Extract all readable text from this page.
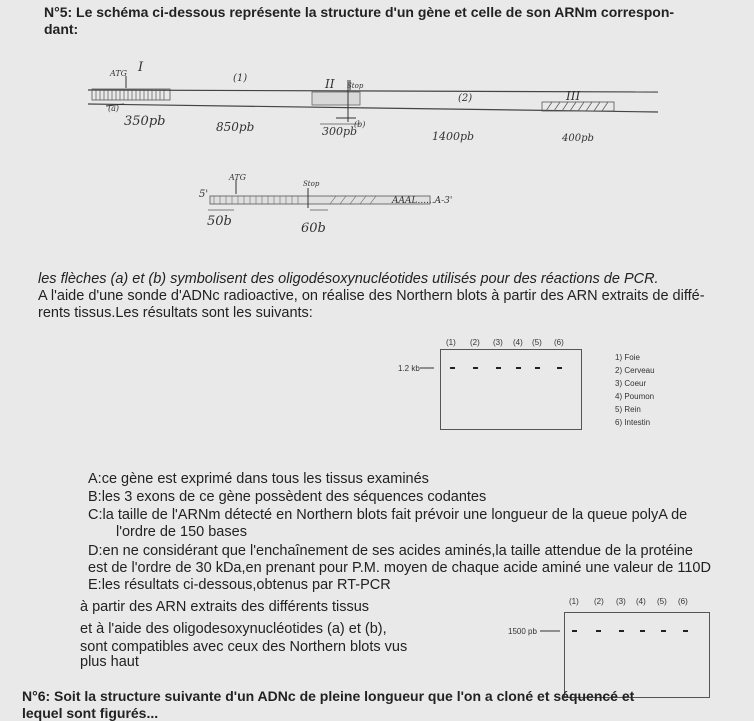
N°5: Le schéma ci-dessous représente la structure d'un gène et celle de son ARNm correspon-
dant:
ATG I
(1)	II Stop
(2)	III
(a)
(b)
350pb	850pb	300pb	1400pb	400pb
ATG
Stop
5'
AAAL......A-3'
50b	60b
les flèches (a) et (b) symbolisent des oligodésoxynucléotides utilisés pour des réactions de PCR.
A l'aide d'une sonde d'ADNc radioactive, on réalise des Northern blots à partir des ARN extraits de diffé-
rents tissus.Les résultats sont les suivants:
(1) (2) (3) (4) (5) (6)
1.2 kb
1) Foie
2) Cerveau
3) Coeur
4) Poumon
5) Rein
6) Intestin
A:ce gène est exprimé dans tous les tissus examinés
B:les 3 exons de ce gène possèdent des séquences codantes
C:la taille de l'ARNm détecté en Northern blots fait prévoir une longueur de la queue polyA de
l'ordre de 150 bases
D:en ne considérant que l'enchaînement de ses acides aminés,la taille attendue de la protéine
est de l'ordre de 30 kDa,en prenant pour P.M. moyen de chaque acide aminé une valeur de 110D
E:les résultats ci-dessous,obtenus par RT-PCR
à partir des ARN extraits des différents tissus
et à l'aide des oligodesoxynucléotides (a) et (b),
sont compatibles avec ceux des Northern blots vus
plus haut
(1) (2) (3) (4) (5) (6)
1500 pb
N°6: Soit la structure suivante d'un ADNc de pleine longueur que l'on a cloné et séquencé et
lequel sont figurés...
